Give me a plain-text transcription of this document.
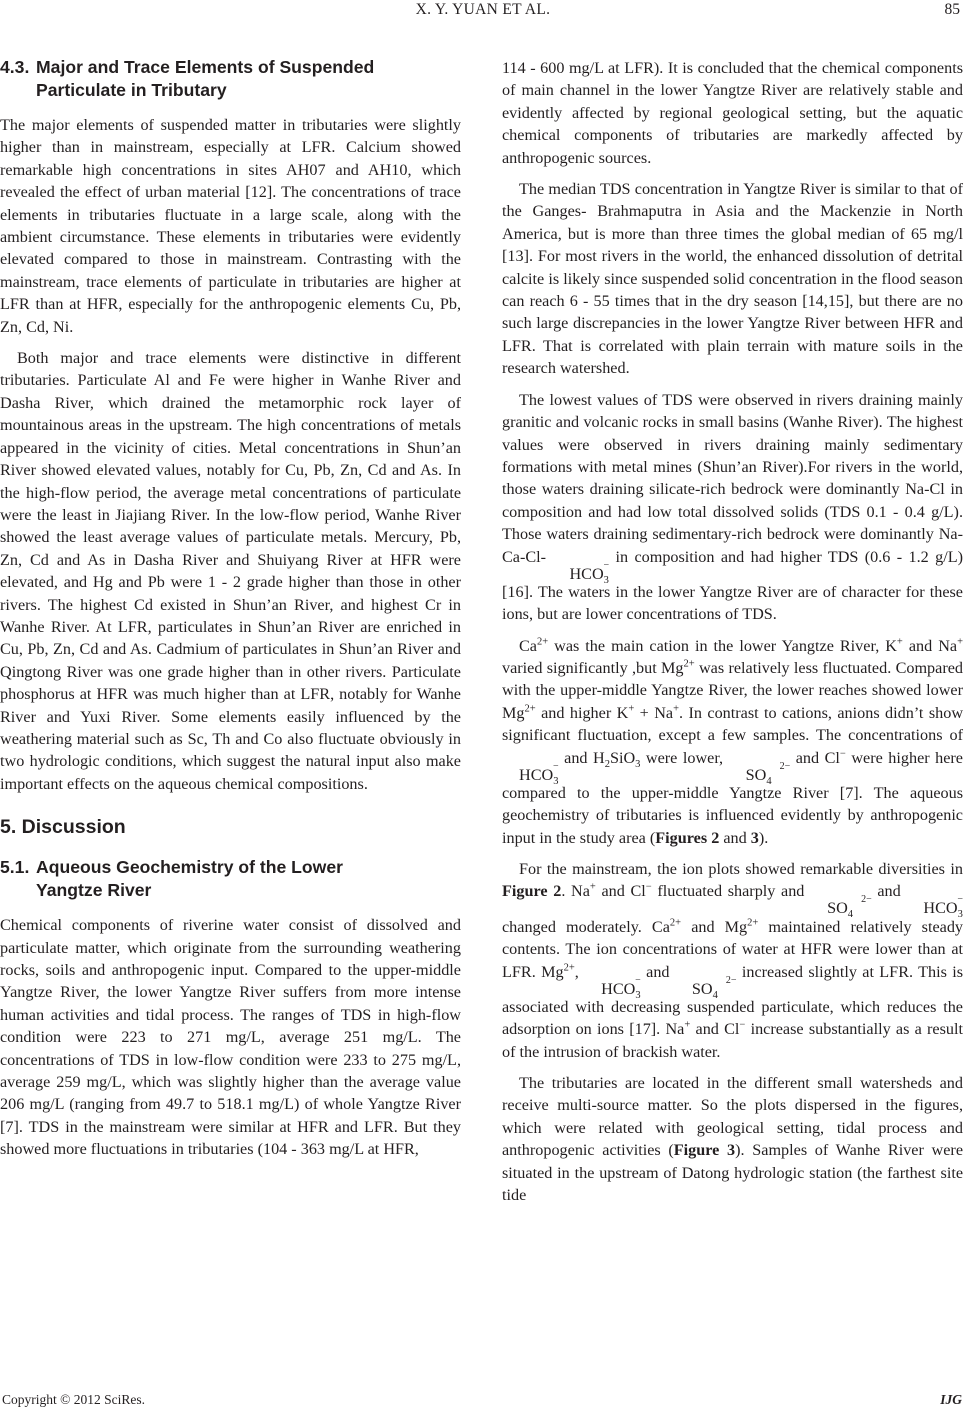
X. Y. YUAN ET AL.	85
4.3. Major and Trace Elements of Suspended
Particulate in Tributary

The major elements of suspended matter in tributaries were slightly higher than in mainstream, especially at LFR. Calcium showed remarkable high concentrations in sites AH07 and AH10, which revealed the effect of urban material [12]. The concentrations of trace elements in tributaries fluctuate in a large scale, along with the ambient circumstance. These elements in tributaries were evidently elevated compared to those in mainstream. Contrasting with the mainstream, trace elements of particulate in tributaries are higher at LFR than at HFR, especially for the anthropogenic elements Cu, Pb, Zn, Cd, Ni.

Both major and trace elements were distinctive in different tributaries. Particulate Al and Fe were higher in Wanhe River and Dasha River, which drained the metamorphic rock layer of mountainous areas in the upstream. The high concentrations of metals appeared in the vicinity of cities. Metal concentrations in Shun’an River showed elevated values, notably for Cu, Pb, Zn, Cd and As. In the high-flow period, the average metal concentrations of particulate were the least in Jiajiang River. In the low-flow period, Wanhe River showed the least average values of particulate metals. Mercury, Pb, Zn, Cd and As in Dasha River and Shuiyang River at HFR were elevated, and Hg and Pb were 1 - 2 grade higher than those in other rivers. The highest Cd existed in Shun’an River, and highest Cr in Wanhe River. At LFR, particulates in Shun’an River are enriched in Cu, Pb, Zn, Cd and As. Cadmium of particulates in Shun’an River and Qingtong River was one grade higher than in other rivers. Particulate phosphorus at HFR was much higher than at LFR, notably for Wanhe River and Yuxi River. Some elements easily influenced by the weathering material such as Sc, Th and Co also fluctuate obviously in two hydrologic conditions, which suggest the natural input also make important effects on the aqueous chemical compositions.

5. Discussion
5.1. Aqueous Geochemistry of the Lower
Yangtze River

Chemical components of riverine water consist of dissolved and particulate matter, which originate from the surrounding weathering rocks, soils and anthropogenic input. Compared to the upper-middle Yangtze River, the lower Yangtze River suffers from more intense human activities and tidal process. The ranges of TDS in high-flow condition were 223 to 271 mg/L, average 251 mg/L. The concentrations of TDS in low-flow condition were 233 to 275 mg/L, average 259 mg/L, which was slightly higher than the average value 206 mg/L (ranging from 49.7 to 518.1 mg/L) of whole Yangtze River [7]. TDS in the mainstream were similar at HFR and LFR. But they showed more fluctuations in tributaries (104 - 363 mg/L at HFR,

114 - 600 mg/L at LFR). It is concluded that the chemical components of main channel in the lower Yangtze River are relatively stable and evidently affected by regional geological setting, but the aquatic chemical components of tributaries are markedly affected by anthropogenic sources.

The median TDS concentration in Yangtze River is similar to that of the Ganges- Brahmaputra in Asia and the Mackenzie in North America, but is more than three times the global median of 65 mg/l [13]. For most rivers in the world, the enhanced dissolution of detrital calcite is likely since suspended solid concentration in the flood season can reach 6 - 55 times that in the dry season [14,15], but there are no such large discrepancies in the lower Yangtze River between HFR and LFR. That is correlated with plain terrain with mature soils in the research watershed.

The lowest values of TDS were observed in rivers draining mainly granitic and volcanic rocks in small basins (Wanhe River). The highest values were observed in rivers draining mainly sedimentary formations with metal mines (Shun’an River).For rivers in the world, those waters draining silicate-rich bedrock were dominantly Na-Cl in composition and had low total dissolved solids (TDS 0.1 - 0.4 g/L). Those waters draining sedimentary-rich bedrock were dominantly Na-Ca-Cl-	−
$HCO_3$
in composition and had higher TDS (0.6 - 1.2 g/L) [16]. The waters in the lower Yangtze River are of character for these ions, but are lower concentrations of TDS.

$Ca^{2+}$ was the main cation in the lower Yangtze River, K+ and Na+ varied significantly ,but $Mg^{2+}$ was relatively less fluctuated. Compared with the upper-middle Yangtze River, the lower reaches showed lower $Mg^{2+}$ and higher K+ + Na+. In contrast to cations, anions didn’t show significant fluctuation, except a few samples. The concentrations of
−
$HCO_3$
and $H_2SiO_3$ were lower,	2−
$SO_4$
and Cl− were higher here compared to the upper-middle Yangtze River [7]. The aqueous geochemistry of tributaries is influenced evidently by anthropogenic input in the study area (Figures 2 and 3).

For the mainstream, the ion plots showed remarkable diversities in Figure 2. Na+ and Cl− fluctuated sharply and	2−
$SO_4$
and	−
$HCO_3$
changed moderately. $Ca^{2+}$ and $Mg^{2+}$ maintained relatively steady contents. The ion concentrations of water at HFR were lower than at LFR. $Mg^{2+}$,	−
$HCO_3$
and	2−
$SO_4$
increased slightly at LFR. This is associated with decreasing suspended particulate, which reduces the adsorption on ions [17]. Na+ and Cl− increase substantially as a result of the intrusion of brackish water.

The tributaries are located in the different small watersheds and receive multi-source matter. So the plots dispersed in the figures, which were related with geological setting, tidal process and anthropogenic activities (Figure 3). Samples of Wanhe River were situated in the upstream of Datong hydrologic station (the farthest site tide

Copyright © 2012 SciRes.	IJG
